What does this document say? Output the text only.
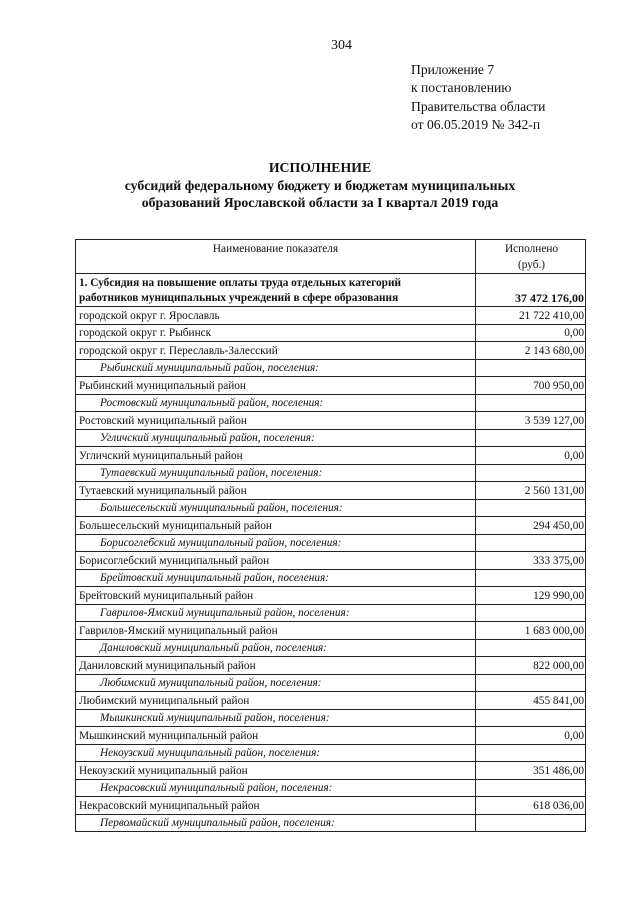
304
Приложение 7
к постановлению
Правительства области
от 06.05.2019 № 342-п
ИСПОЛНЕНИЕ
субсидий федеральному бюджету и бюджетам муниципальных
образований Ярославской области за I квартал 2019 года
Наименование показателя	Исполнено
(руб.)

1. Субсидия на повышение оплаты труда отдельных категорий
работников муниципальных учреждений в сфере образования	37 472 176,00
городской округ г. Ярославль	21 722 410,00
городской округ г. Рыбинск	0,00
городской округ г. Переславль-Залесский	2 143 680,00
Рыбинский муниципальный район, поселения:	
Рыбинский муниципальный район	700 950,00
Ростовский муниципальный район, поселения:	
Ростовский муниципальный район	3 539 127,00
Угличский муниципальный район, поселения:	
Угличский муниципальный район	0,00
Тутаевский муниципальный район, поселения:	
Тутаевский муниципальный район	2 560 131,00
Большесельский муниципальный район, поселения:	
Большесельский муниципальный район	294 450,00
Борисоглебский муниципальный район, поселения:	
Борисоглебский муниципальный район	333 375,00
Брейтовский муниципальный район, поселения:	
Брейтовский муниципальный район	129 990,00
Гаврилов-Ямский муниципальный район, поселения:	
Гаврилов-Ямский муниципальный район	1 683 000,00
Даниловский муниципальный район, поселения:	
Даниловский муниципальный район	822 000,00
Любимский муниципальный район, поселения:	
Любимский муниципальный район	455 841,00
Мышкинский муниципальный район, поселения:	
Мышкинский муниципальный район	0,00
Некоузский муниципальный район, поселения:	
Некоузский муниципальный район	351 486,00
Некрасовский муниципальный район, поселения:	
Некрасовский муниципальный район	618 036,00
Первомайский муниципальный район, поселения:	
